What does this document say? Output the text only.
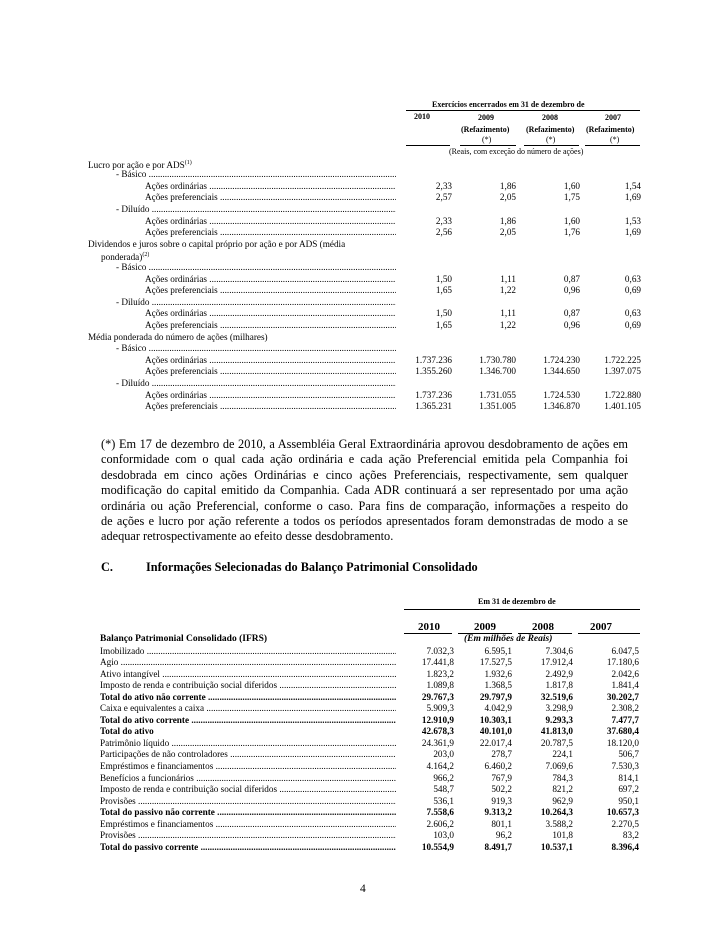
Exercícios encerrados em 31 de dezembro de
2010	2009	2008	2007
(Refazimento) (Refazimento) (Refazimento)
(*)	(*)	(*)
(Reais, com exceção do número de ações)
Lucro por ação e por ADS$^{(1)}$
- Básico .....
Ações ordinárias .....	2,33	1,86	1,60	1,54
Ações preferenciais .....	2,57	2,05	1,75	1,69
- Diluído .....
Ações ordinárias .....	2,33	1,86	1,60	1,53
Ações preferenciais .....	2,56	2,05	1,76	1,69
Dividendos e juros sobre o capital próprio por ação e por ADS (média
ponderada)$^{(2)}$
- Básico .....
Ações ordinárias .....	1,50	1,11	0,87	0,63
Ações preferenciais .....	1,65	1,22	0,96	0,69
- Diluído .....
Ações ordinárias .....	1,50	1,11	0,87	0,63
Ações preferenciais .....	1,65	1,22	0,96	0,69
Média ponderada do número de ações (milhares)
- Básico .....
Ações ordinárias .....	1.737.236	1.730.780	1.724.230	1.722.225
Ações preferenciais .....	1.355.260	1.346.700	1.344.650	1.397.075
- Diluído .....
Ações ordinárias .....	1.737.236	1.731.055	1.724.530	1.722.880
Ações preferenciais .....	1.365.231	1.351.005	1.346.870	1.401.105
(*) Em 17 de dezembro de 2010, a Assembléia Geral Extraordinária aprovou desdobramento de ações em
conformidade com o qual cada ação ordinária e cada ação Preferencial emitida pela Companhia foi
desdobrada em cinco ações Ordinárias e cinco ações Preferenciais, respectivamente, sem qualquer
modificação do capital emitido da Companhia. Cada ADR continuará a ser representado por uma ação
ordinária ou ação Preferencial, conforme o caso. Para fins de comparação, informações a respeito do
de ações e lucro por ação referente a todos os períodos apresentados foram demonstradas de modo a se
adequar retrospectivamente ao efeito desse desdobramento.
C.	Informações Selecionadas do Balanço Patrimonial Consolidado
Em 31 de dezembro de
2010	2009	2008	2007
Balanço Patrimonial Consolidado (IFRS)	(Em milhões de Reais)
Imobilizado .....	7.032,3	6.595,1	7.304,6	6.047,5
Agio .....	17.441,8	17.527,5	17.912,4	17.180,6
Ativo intangível .....	1.823,2	1.932,6	2.492,9	2.042,6
Imposto de renda e contribuição social diferidos .....	1.089,8	1.368,5	1.817,8	1.841,4
Total do ativo não corrente .....	29.767,3	29.797,9	32.519,6	30.202,7
Caixa e equivalentes a caixa .....	5.909,3	4.042,9	3.298,9	2.308,2
Total do ativo corrente .....	12.910,9	10.303,1	9.293,3	7.477,7
Total do ativo	42.678,3	40.101,0	41.813,0	37.680,4
Patrimônio líquido .....	24.361,9	22.017,4	20.787,5	18.120,0
Participações de não controladores .....	203,0	278,7	224,1	506,7
Empréstimos e financiamentos .....	4.164,2	6.460,2	7.069,6	7.530,3
Benefícios a funcionários .....	966,2	767,9	784,3	814,1
Imposto de renda e contribuição social diferidos .....	548,7	502,2	821,2	697,2
Provisões .....	536,1	919,3	962,9	950,1
Total do passivo não corrente .....	7.558,6	9.313,2	10.264,3	10.657,3
Empréstimos e financiamentos .....	2.606,2	801,1	3.588,2	2.270,5
Provisões .....	103,0	96,2	101,8	83,2
Total do passivo corrente .....	10.554,9	8.491,7	10.537,1	8.396,4
4
